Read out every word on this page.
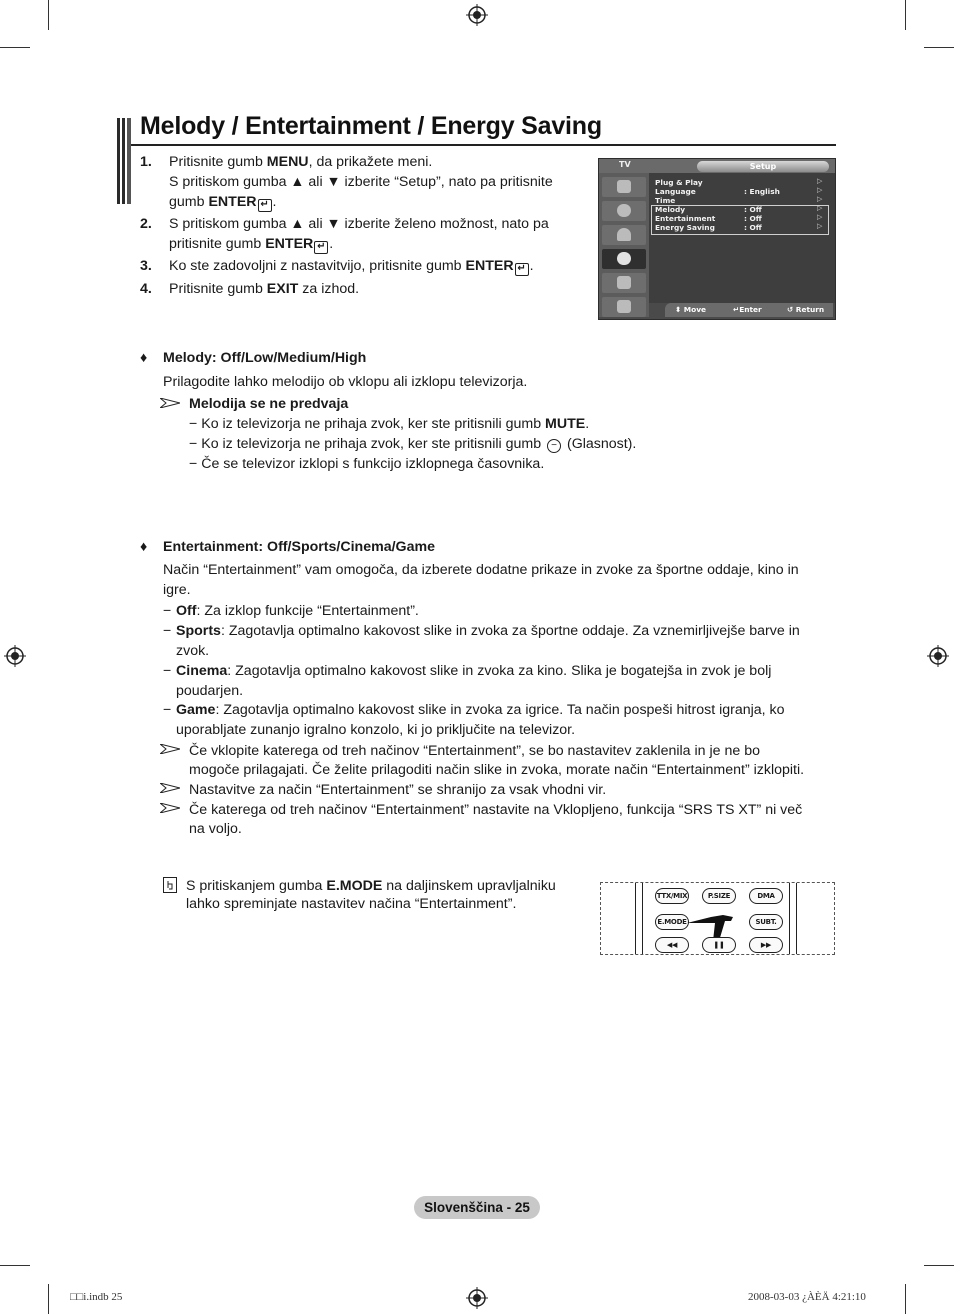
Melody / Entertainment / Energy Saving
1. Pritisnite gumb MENU, da prikažete meni.
S pritiskom gumba ▲ ali ▼ izberite “Setup”, nato pa pritisnite
gumb ENTER ↵ .
2. S pritiskom gumba ▲ ali ▼ izberite želeno možnost, nato pa
pritisnite gumb ENTER ↵ .
3. Ko ste zadovoljni z nastavitvijo, pritisnite gumb ENTER ↵ .
4. Pritisnite gumb EXIT za izhod.
TV	Setup
Plug & Play
Language	: English
Time
Melody	: Off
Entertainment	: Off
Energy Saving	: Off
▷
▷
▷
▷
▷
▷
⬍ Move	↵Enter	↺ Return
♦ Melody: Off/Low/Medium/High
Prilagodite lahko melodijo ob vklopu ali izklopu televizorja.
Melodija se ne predvaja
− Ko iz televizorja ne prihaja zvok, ker ste pritisnili gumb MUTE.
− Ko iz televizorja ne prihaja zvok, ker ste pritisnili gumb − (Glasnost).
− Če se televizor izklopi s funkcijo izklopnega časovnika.
♦ Entertainment: Off/Sports/Cinema/Game
Način “Entertainment” vam omogoča, da izberete dodatne prikaze in zvoke za športne oddaje, kino in
igre.
− Off: Za izklop funkcije “Entertainment”.
− Sports: Zagotavlja optimalno kakovost slike in zvoka za športne oddaje. Za vznemirljivejše barve in
zvok.
− Cinema: Zagotavlja optimalno kakovost slike in zvoka za kino. Slika je bogatejša in zvok je bolj
poudarjen.
− Game: Zagotavlja optimalno kakovost slike in zvoka za igrice. Ta način pospeši hitrost igranja, ko
uporabljate zunanjo igralno konzolo, ki jo priključite na televizor.
Če vklopite katerega od treh načinov “Entertainment”, se bo nastavitev zaklenila in je ne bo
mogoče prilagajati. Če želite prilagoditi način slike in zvoka, morate način “Entertainment” izklopiti.
Nastavitve za način “Entertainment” se shranijo za vsak vhodni vir.
Če katerega od treh načinov “Entertainment” nastavite na Vklopljeno, funkcija “SRS TS XT” ni več
na voljo.
S pritiskanjem gumba E.MODE na daljinskem upravljalniku
lahko spreminjate nastavitev načina “Entertainment”.	TTX/MIX	P.SIZE	DMA
E.MODE	SUBT.
◀◀	❚❚	▶▶
Slovenščina - 25
□□i.indb 25	2008-03-03 ¿ÀÈÄ 4:21:10
